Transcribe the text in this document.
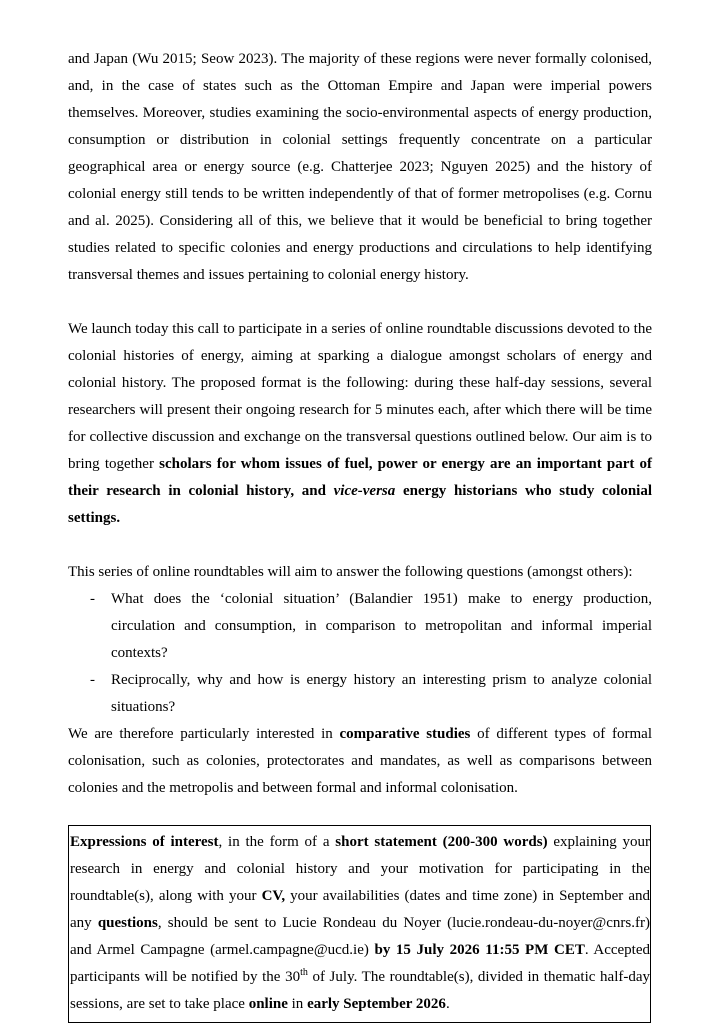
and Japan (Wu 2015; Seow 2023). The majority of these regions were never formally colonised, and, in the case of states such as the Ottoman Empire and Japan were imperial powers themselves. Moreover, studies examining the socio-environmental aspects of energy production, consumption or distribution in colonial settings frequently concentrate on a particular geographical area or energy source (e.g. Chatterjee 2023; Nguyen 2025) and the history of colonial energy still tends to be written independently of that of former metropolises (e.g. Cornu and al. 2025). Considering all of this, we believe that it would be beneficial to bring together studies related to specific colonies and energy productions and circulations to help identifying transversal themes and issues pertaining to colonial energy history.

We launch today this call to participate in a series of online roundtable discussions devoted to the colonial histories of energy, aiming at sparking a dialogue amongst scholars of energy and colonial history. The proposed format is the following: during these half-day sessions, several researchers will present their ongoing research for 5 minutes each, after which there will be time for collective discussion and exchange on the transversal questions outlined below. Our aim is to bring together scholars for whom issues of fuel, power or energy are an important part of their research in colonial history, and vice-versa energy historians who study colonial settings.

This series of online roundtables will aim to answer the following questions (amongst others):

- What does the ‘colonial situation’ (Balandier 1951) make to energy production, circulation and consumption, in comparison to metropolitan and informal imperial contexts?
- Reciprocally, why and how is energy history an interesting prism to analyze colonial situations?

We are therefore particularly interested in comparative studies of different types of formal colonisation, such as colonies, protectorates and mandates, as well as comparisons between colonies and the metropolis and between formal and informal colonisation.

Expressions of interest, in the form of a short statement (200-300 words) explaining your research in energy and colonial history and your motivation for participating in the roundtable(s), along with your CV, your availabilities (dates and time zone) in September and any questions, should be sent to Lucie Rondeau du Noyer (lucie.rondeau-du-noyer@cnrs.fr) and Armel Campagne (armel.campagne@ucd.ie) by 15 July 2026 11:55 PM CET. Accepted participants will be notified by the 30th of July. The roundtable(s), divided in thematic half-day sessions, are set to take place online in early September 2026.
